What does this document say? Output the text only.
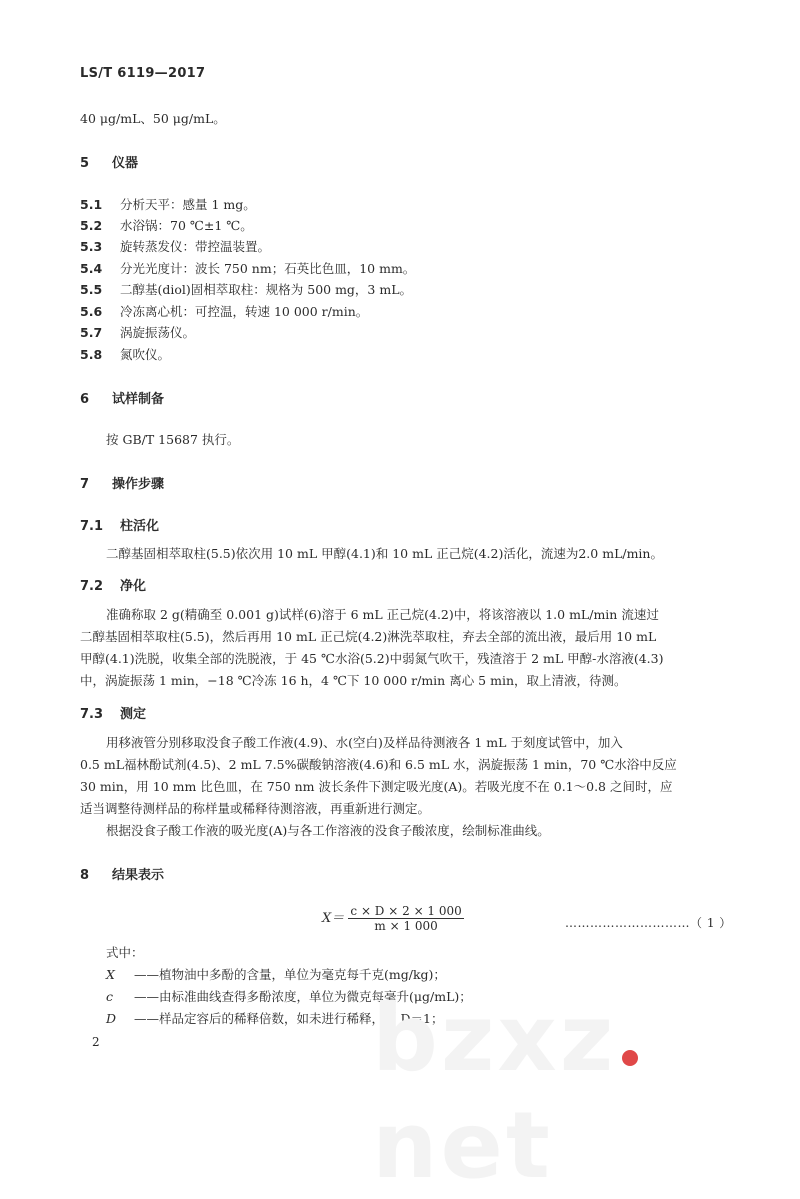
LS/T 6119—2017
40 μg/mL、50 μg/mL。
5 仪器
5.1 分析天平：感量 1 mg。
5.2 水浴锅：70 ℃±1 ℃。
5.3 旋转蒸发仪：带控温装置。
5.4 分光光度计：波长 750 nm；石英比色皿，10 mm。
5.5 二醇基(diol)固相萃取柱：规格为 500 mg，3 mL。
5.6 冷冻离心机：可控温，转速 10 000 r/min。
5.7 涡旋振荡仪。
5.8 氮吹仪。
6 试样制备
按 GB/T 15687 执行。
7 操作步骤
7.1 柱活化
二醇基固相萃取柱(5.5)依次用 10 mL 甲醇(4.1)和 10 mL 正己烷(4.2)活化，流速为2.0 mL/min。
7.2 净化
准确称取 2 g(精确至 0.001 g)试样(6)溶于 6 mL 正己烷(4.2)中，将该溶液以 1.0 mL/min 流速过
二醇基固相萃取柱(5.5)，然后再用 10 mL 正己烷(4.2)淋洗萃取柱，弃去全部的流出液，最后用 10 mL
甲醇(4.1)洗脱，收集全部的洗脱液，于 45 ℃水浴(5.2)中弱氮气吹干，残渣溶于 2 mL 甲醇-水溶液(4.3)
中，涡旋振荡 1 min，−18 ℃冷冻 16 h，4 ℃下 10 000 r/min 离心 5 min，取上清液，待测。
7.3 测定
用移液管分别移取没食子酸工作液(4.9)、水(空白)及样品待测液各 1 mL 于刻度试管中，加入
0.5 mL福林酚试剂(4.5)、2 mL 7.5%碳酸钠溶液(4.6)和 6.5 mL 水，涡旋振荡 1 min，70 ℃水浴中反应
30 min，用 10 mm 比色皿，在 750 nm 波长条件下测定吸光度(A)。若吸光度不在 0.1～0.8 之间时，应
适当调整待测样品的称样量或稀释待测溶液，再重新进行测定。
根据没食子酸工作液的吸光度(A)与各工作溶液的没食子酸浓度，绘制标准曲线。
8 结果表示
$X= \frac{c \times D \times 2 \times 1 000}{m \times 1 000}$	…………………………（ 1 ）
式中：
X ——植物油中多酚的含量，单位为毫克每千克(mg/kg)；
c ——由标准曲线查得多酚浓度，单位为微克每毫升(μg/mL)；
D ——样品定容后的稀释倍数，如未进行稀释，则 D＝1；
2	bzxznet
